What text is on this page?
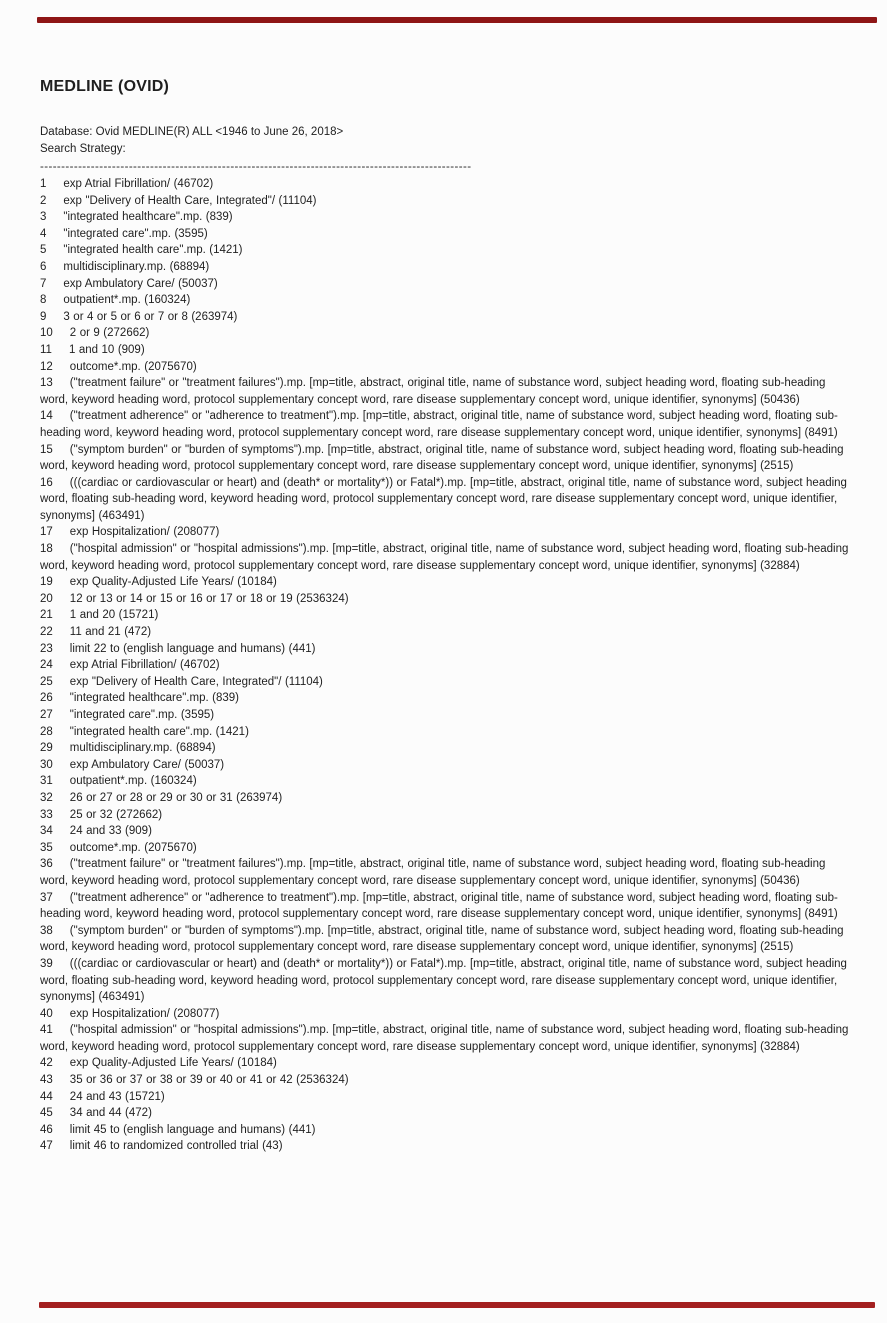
MEDLINE (OVID)

Database: Ovid MEDLINE(R) ALL <1946 to June 26, 2018>

Search Strategy:

------------------------------------------------------------------------------------------------------

1 exp Atrial Fibrillation/ (46702)

2 exp "Delivery of Health Care, Integrated"/ (11104)

3 "integrated healthcare".mp. (839)

4 "integrated care".mp. (3595)

5 "integrated health care".mp. (1421)

6 multidisciplinary.mp. (68894)

7 exp Ambulatory Care/ (50037)

8 outpatient*.mp. (160324)

9 3 or 4 or 5 or 6 or 7 or 8 (263974)

10 2 or 9 (272662)

11 1 and 10 (909)

12 outcome*.mp. (2075670)

13 ("treatment failure" or "treatment failures").mp. [mp=title, abstract, original title, name of substance word, subject heading word, floating sub-heading word, keyword heading word, protocol supplementary concept word, rare disease supplementary concept word, unique identifier, synonyms] (50436)

14 ("treatment adherence" or "adherence to treatment").mp. [mp=title, abstract, original title, name of substance word, subject heading word, floating sub-heading word, keyword heading word, protocol supplementary concept word, rare disease supplementary concept word, unique identifier, synonyms] (8491)

15 ("symptom burden" or "burden of symptoms").mp. [mp=title, abstract, original title, name of substance word, subject heading word, floating sub-heading word, keyword heading word, protocol supplementary concept word, rare disease supplementary concept word, unique identifier, synonyms] (2515)

16 (((cardiac or cardiovascular or heart) and (death* or mortality*)) or Fatal*).mp. [mp=title, abstract, original title, name of substance word, subject heading word, floating sub-heading word, keyword heading word, protocol supplementary concept word, rare disease supplementary concept word, unique identifier, synonyms] (463491)

17 exp Hospitalization/ (208077)

18 ("hospital admission" or "hospital admissions").mp. [mp=title, abstract, original title, name of substance word, subject heading word, floating sub-heading word, keyword heading word, protocol supplementary concept word, rare disease supplementary concept word, unique identifier, synonyms] (32884)

19 exp Quality-Adjusted Life Years/ (10184)

20 12 or 13 or 14 or 15 or 16 or 17 or 18 or 19 (2536324)

21 1 and 20 (15721)

22 11 and 21 (472)

23 limit 22 to (english language and humans) (441)

24 exp Atrial Fibrillation/ (46702)

25 exp "Delivery of Health Care, Integrated"/ (11104)

26 "integrated healthcare".mp. (839)

27 "integrated care".mp. (3595)

28 "integrated health care".mp. (1421)

29 multidisciplinary.mp. (68894)

30 exp Ambulatory Care/ (50037)

31 outpatient*.mp. (160324)

32 26 or 27 or 28 or 29 or 30 or 31 (263974)

33 25 or 32 (272662)

34 24 and 33 (909)

35 outcome*.mp. (2075670)

36 ("treatment failure" or "treatment failures").mp. [mp=title, abstract, original title, name of substance word, subject heading word, floating sub-heading word, keyword heading word, protocol supplementary concept word, rare disease supplementary concept word, unique identifier, synonyms] (50436)

37 ("treatment adherence" or "adherence to treatment").mp. [mp=title, abstract, original title, name of substance word, subject heading word, floating sub-heading word, keyword heading word, protocol supplementary concept word, rare disease supplementary concept word, unique identifier, synonyms] (8491)

38 ("symptom burden" or "burden of symptoms").mp. [mp=title, abstract, original title, name of substance word, subject heading word, floating sub-heading word, keyword heading word, protocol supplementary concept word, rare disease supplementary concept word, unique identifier, synonyms] (2515)

39 (((cardiac or cardiovascular or heart) and (death* or mortality*)) or Fatal*).mp. [mp=title, abstract, original title, name of substance word, subject heading word, floating sub-heading word, keyword heading word, protocol supplementary concept word, rare disease supplementary concept word, unique identifier, synonyms] (463491)

40 exp Hospitalization/ (208077)

41 ("hospital admission" or "hospital admissions").mp. [mp=title, abstract, original title, name of substance word, subject heading word, floating sub-heading word, keyword heading word, protocol supplementary concept word, rare disease supplementary concept word, unique identifier, synonyms] (32884)

42 exp Quality-Adjusted Life Years/ (10184)

43 35 or 36 or 37 or 38 or 39 or 40 or 41 or 42 (2536324)

44 24 and 43 (15721)

45 34 and 44 (472)

46 limit 45 to (english language and humans) (441)

47 limit 46 to randomized controlled trial (43)
